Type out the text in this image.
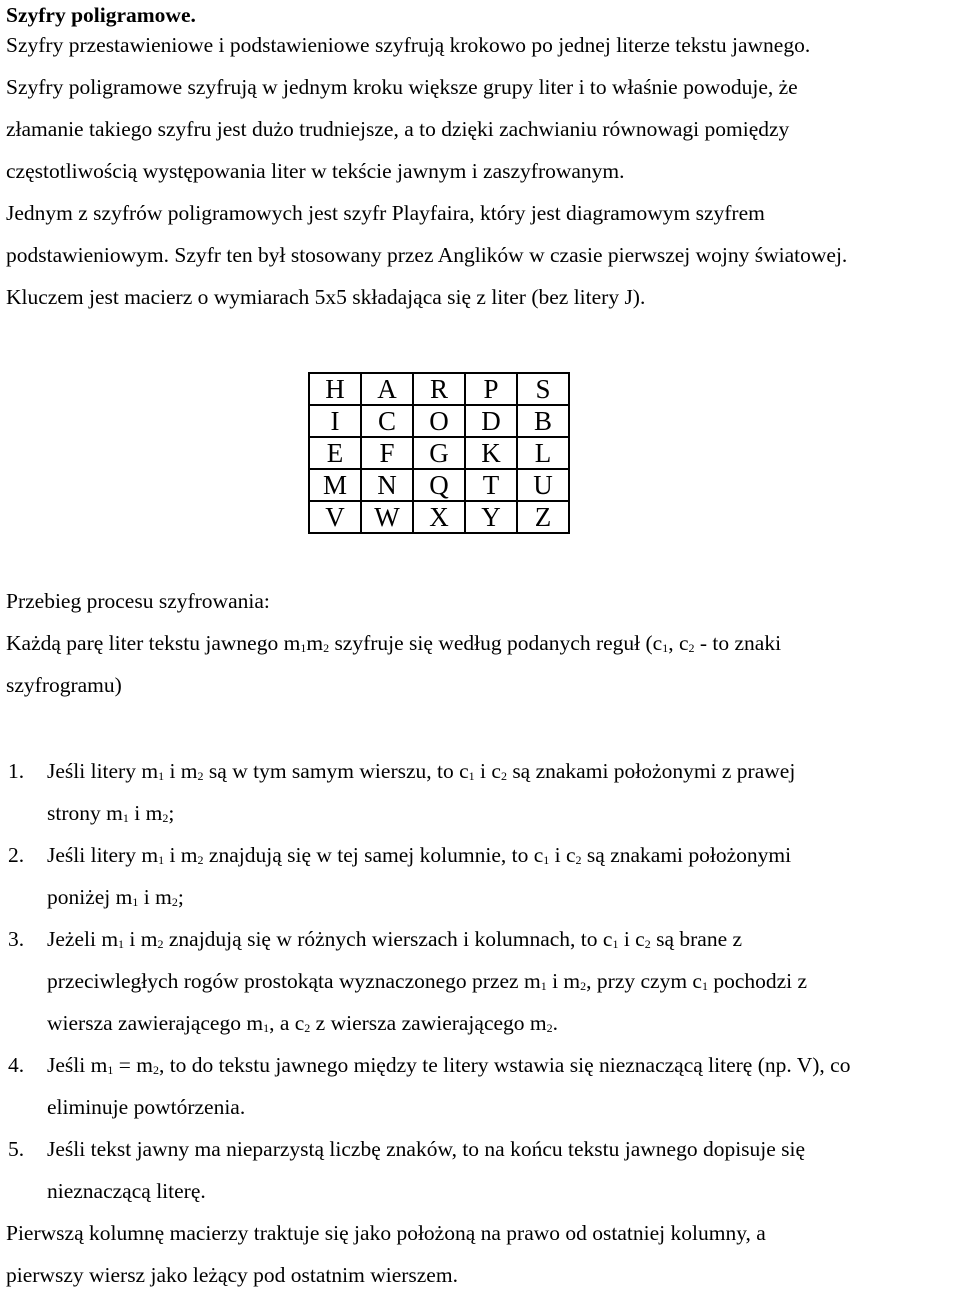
Szyfry poligramowe.
Szyfry przestawieniowe i podstawieniowe szyfrują krokowo po jednej literze tekstu jawnego.
Szyfry poligramowe szyfrują w jednym kroku większe grupy liter i to właśnie powoduje, że
złamanie takiego szyfru jest dużo trudniejsze, a to dzięki zachwianiu równowagi pomiędzy
częstotliwością występowania liter w tekście jawnym i zaszyfrowanym.
Jednym z szyfrów poligramowych jest szyfr Playfaira, który jest diagramowym szyfrem
podstawieniowym. Szyfr ten był stosowany przez Anglików w czasie pierwszej wojny światowej.
Kluczem jest macierz o wymiarach 5x5 składająca się z liter (bez litery J).
H	A	R	P	S
I	C	O	D	B
E	F	G	K	L
M	N	Q	T	U
V	W	X	Y	Z
Przebieg procesu szyfrowania:
Każdą parę liter tekstu jawnego $m_1m_2$ szyfruje się według podanych reguł ($c_1$, $c_2$ - to znaki
szyfrogramu)
1. Jeśli litery $m_1$ i $m_2$ są w tym samym wierszu, to $c_1$ i $c_2$ są znakami położonymi z prawej
strony $m_1$ i $m_2$;
2. Jeśli litery $m_1$ i $m_2$ znajdują się w tej samej kolumnie, to $c_1$ i $c_2$ są znakami położonymi
poniżej $m_1$ i $m_2$;
3. Jeżeli $m_1$ i $m_2$ znajdują się w różnych wierszach i kolumnach, to $c_1$ i $c_2$ są brane z
przeciwległych rogów prostokąta wyznaczonego przez $m_1$ i $m_2$, przy czym $c_1$ pochodzi z
wiersza zawierającego $m_1$, a $c_2$ z wiersza zawierającego $m_2$.
4. Jeśli $m_1 = m_2$, to do tekstu jawnego między te litery wstawia się nieznaczącą literę (np. V), co
eliminuje powtórzenia.
5. Jeśli tekst jawny ma nieparzystą liczbę znaków, to na końcu tekstu jawnego dopisuje się
nieznaczącą literę.
Pierwszą kolumnę macierzy traktuje się jako położoną na prawo od ostatniej kolumny, a
pierwszy wiersz jako leżący pod ostatnim wierszem.
